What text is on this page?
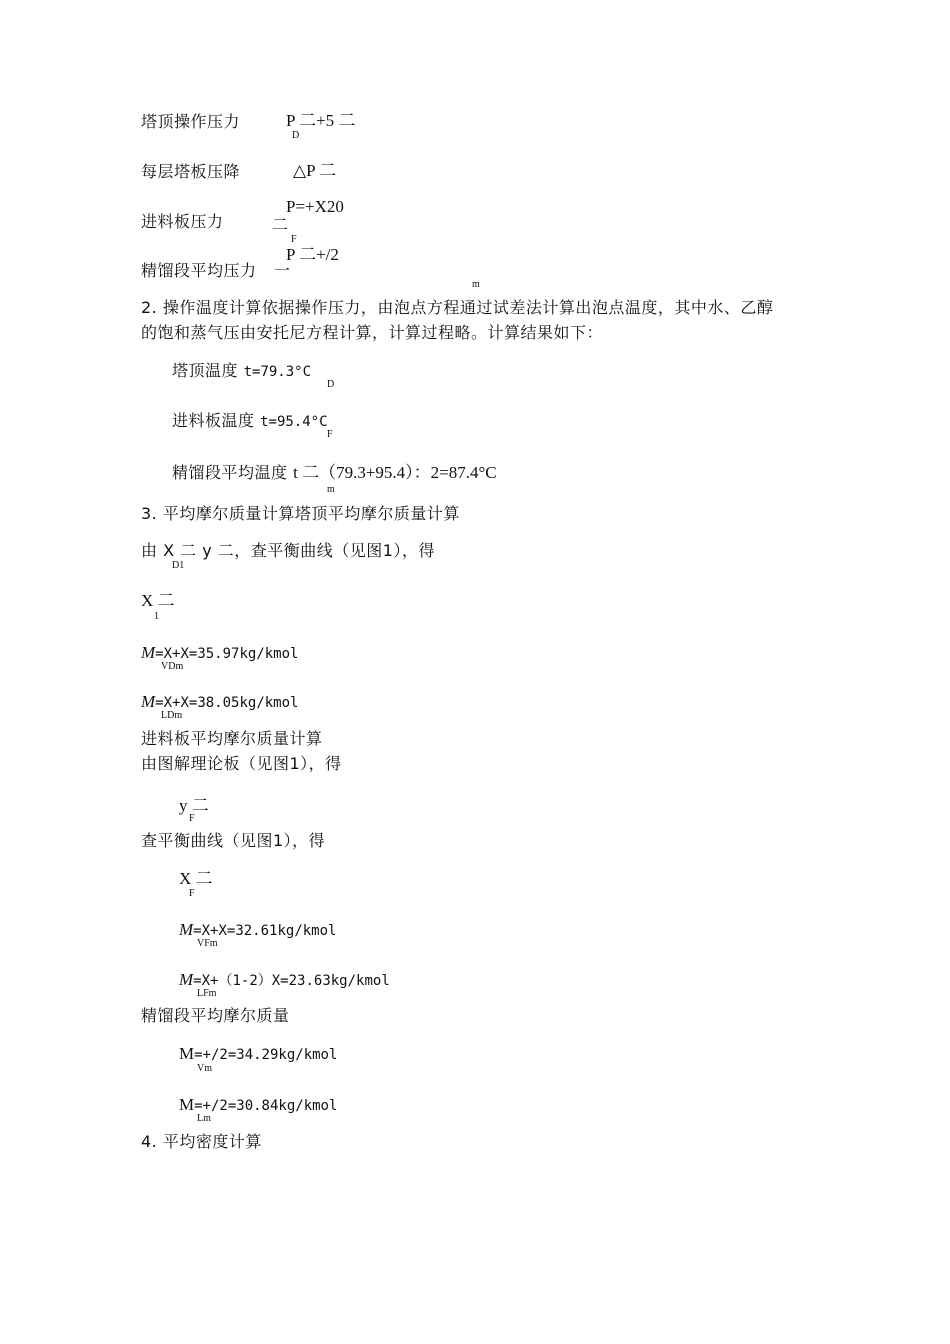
塔顶操作压力	P 二+5 二
D
每层塔板压降	△P 二
P=+X20
进料板压力	二
F
P 二+/2
精馏段平均压力 一
m
2. 操作温度计算依据操作压力，由泡点方程通过试差法计算出泡点温度，其中水、乙醇
的饱和蒸气压由安托尼方程计算，计算过程略。计算结果如下：
塔顶温度 t=79.3°C
D
进料板温度 t=95.4°C
F
精馏段平均温度 t 二（79.3+95.4）：2=87.4°C
m
3. 平均摩尔质量计算塔顶平均摩尔质量计算
由 X 二 y 二，查平衡曲线（见图1），得
D1
X 二
1
M=X+X=35.97kg/kmol
VDm
M=X+X=38.05kg/kmol
LDm
进料板平均摩尔质量计算
由图解理论板（见图1），得
y 二
F
查平衡曲线（见图1），得
X 二
F
M=X+X=32.61kg/kmol
VFm
M=X+（1-2）X=23.63kg/kmol
LFm
精馏段平均摩尔质量
M=+/2=34.29kg/kmol
Vm
M=+/2=30.84kg/kmol
Lm
4. 平均密度计算
